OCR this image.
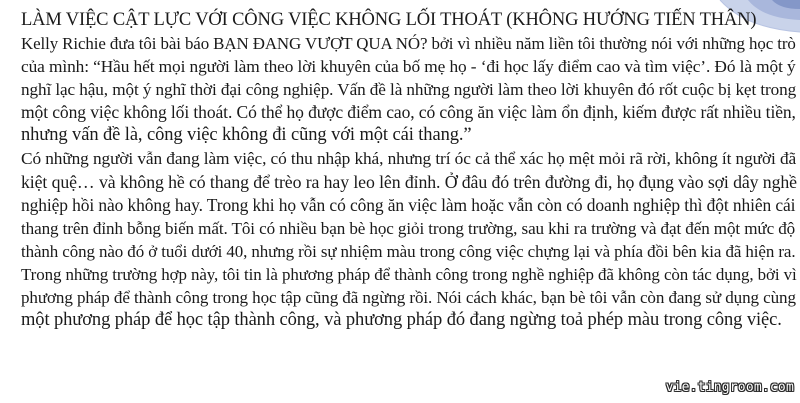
LÀM VIỆC CẬT LỰC VỚI CÔNG VIỆC KHÔNG LỐI THOÁT (KHÔNG HƯỚNG TIẾN THÂN)
Kelly Richie đưa tôi bài báo BẠN ĐANG VƯỢT QUA NÓ? bởi vì nhiều năm liền tôi thường nói với những học trò
của mình: “Hầu hết mọi người làm theo lời khuyên của bố mẹ họ - ‘đi học lấy điểm cao và tìm việc’. Đó là một ý
nghĩ lạc hậu, một ý nghĩ thời đại công nghiệp. Vấn đề là những người làm theo lời khuyên đó rốt cuộc bị kẹt trong
một công việc không lối thoát. Có thể họ được điểm cao, có công ăn việc làm ổn định, kiếm được rất nhiều tiền,
nhưng vấn đề là, công việc không đi cũng với một cái thang.”
Có những người vẫn đang làm việc, có thu nhập khá, nhưng trí óc cả thể xác họ mệt mỏi rã rời, không ít người đã
kiệt quệ… và không hề có thang để trèo ra hay leo lên đỉnh. Ở đâu đó trên đường đi, họ đụng vào sợi dây nghề
nghiệp hồi nào không hay. Trong khi họ vẫn có công ăn việc làm hoặc vẫn còn có doanh nghiệp thì đột nhiên cái
thang trên đỉnh bỗng biến mất. Tôi có nhiều bạn bè học giỏi trong trường, sau khi ra trường và đạt đến một mức độ
thành công nào đó ở tuổi dưới 40, nhưng rồi sự nhiệm màu trong công việc chựng lại và phía đồi bên kia đã hiện ra.
Trong những trường hợp này, tôi tin là phương pháp để thành công trong nghề nghiệp đã không còn tác dụng, bởi vì
phương pháp để thành công trong học tập cũng đã ngừng rồi. Nói cách khác, bạn bè tôi vẫn còn đang sử dụng cùng
một phương pháp để học tập thành công, và phương pháp đó đang ngừng toả phép màu trong công việc.
vie.tingroom.com
